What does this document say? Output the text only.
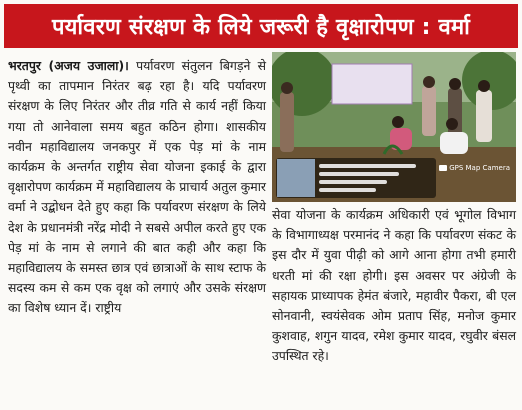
पर्यावरण संरक्षण के लिये जरूरी है वृक्षारोपण : वर्मा
भरतपुर (अजय उजाला)। पर्यावरण संतुलन बिगड़ने से पृथ्वी का तापमान निरंतर बढ़ रहा है। यदि पर्यावरण संरक्षण के लिए निरंतर और तीव्र गति से कार्य नहीं किया गया तो आनेवाला समय बहुत कठिन होगा। शासकीय नवीन महाविद्यालय जनकपुर में एक पेड़ मां के नाम कार्यक्रम के अन्तर्गत राष्ट्रीय सेवा योजना इकाई के द्वारा वृक्षारोपण कार्यक्रम में महाविद्यालय के प्राचार्य अतुल कुमार वर्मा ने उद्बोधन देते हुए कहा कि पर्यावरण संरक्षण के लिये देश के प्रधानमंत्री नरेंद्र मोदी ने सबसे अपील करते हुए एक पेड़ मां के नाम से लगाने की बात कही और कहा कि महाविद्यालय के समस्त छात्र एवं छात्राओं के साथ स्टाफ के सदस्य कम से कम एक वृक्ष को लगाएं और उसके संरक्षण का विशेष ध्यान दें। राष्ट्रीय
GPS Map Camera
सेवा योजना के कार्यक्रम अधिकारी एवं भूगोल विभाग के विभागाध्यक्ष परमानंद ने कहा कि पर्यावरण संकट के इस दौर में युवा पीढ़ी को आगे आना होगा तभी हमारी धरती मां की रक्षा होगी। इस अवसर पर अंग्रेजी के सहायक प्राध्यापक हेमंत बंजारे, महावीर पैकरा, बी एल सोनवानी, स्वयंसेवक ओम प्रताप सिंह, मनोज कुमार कुशवाह, शगुन यादव, रमेश कुमार यादव, रघुवीर बंसल उपस्थित रहे।
